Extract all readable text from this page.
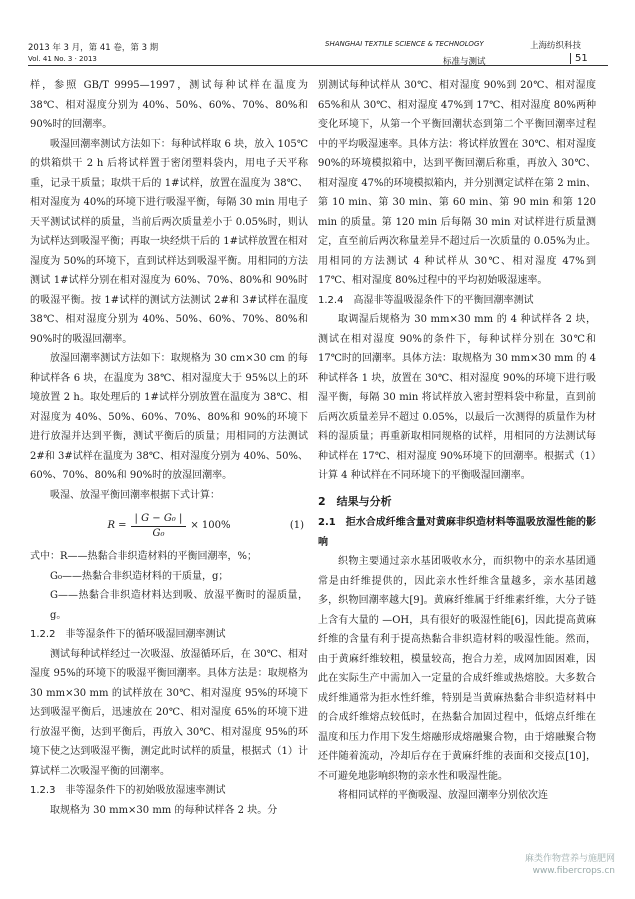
2013 年 3 月，第 41 卷，第 3 期
Vol. 41 No. 3 · 2013
SHANGHAI TEXTILE SCIENCE & TECHNOLOGY	上海纺织科技
标准与测试	51

样，参照 GB/T 9995—1997，测试每种试样在温度为 38℃、相对湿度分别为 40%、50%、60%、70%、80%和 90%时的回潮率。

吸湿回潮率测试方法如下：每种试样取 6 块，放入 105℃的烘箱烘干 2 h 后将试样置于密闭塑料袋内，用电子天平称重，记录干质量；取烘干后的 1#试样，放置在温度为 38℃、相对湿度为 40%的环境下进行吸湿平衡，每隔 30 min 用电子天平测试试样的质量，当前后两次质量差小于 0.05%时，则认为试样达到吸湿平衡；再取一块经烘干后的 1#试样放置在相对湿度为 50%的环境下，直到试样达到吸湿平衡。用相同的方法测试 1#试样分别在相对湿度为 60%、70%、80%和 90%时的吸湿平衡。按 1#试样的测试方法测试 2#和 3#试样在温度 38℃、相对湿度分别为 40%、50%、60%、70%、80%和 90%时的吸湿回潮率。

放湿回潮率测试方法如下：取规格为 30 cm×30 cm 的每种试样各 6 块，在温度为 38℃、相对湿度大于 95%以上的环境放置 2 h。取处理后的 1#试样分别放置在温度为 38℃、相对湿度为 40%、50%、60%、70%、80%和 90%的环境下进行放湿并达到平衡，测试平衡后的质量；用相同的方法测试 2#和 3#试样在温度为 38℃、相对湿度分别为 40%、50%、60%、70%、80%和 90%时的放湿回潮率。

吸湿、放湿平衡回潮率根据下式计算：

$R = \frac{\text{| G − G₀ |}}{\text{G₀}} \times 100\%$	(1)
式中：R——热黏合非织造材料的平衡回潮率，%；
G₀——热黏合非织造材料的干质量，g；
G——热黏合非织造材料达到吸、放湿平衡时的湿质量，g。
1.2.2　非等湿条件下的循环吸湿回潮率测试

测试每种试样经过一次吸湿、放湿循环后，在 30℃、相对湿度 95%的环境下的吸湿平衡回潮率。具体方法是：取规格为 30 mm×30 mm 的试样放在 30℃、相对湿度 95%的环境下达到吸湿平衡后，迅速放在 20℃、相对湿度 65%的环境下进行放湿平衡，达到平衡后，再放入 30℃、相对湿度 95%的环境下使之达到吸湿平衡，测定此时试样的质量，根据式（1）计算试样二次吸湿平衡的回潮率。

1.2.3　非等湿条件下的初始吸放湿速率测试

取规格为 30 mm×30 mm 的每种试样各 2 块。分

别测试每种试样从 30℃、相对湿度 90%到 20℃、相对湿度 65%和从 30℃、相对湿度 47%到 17℃、相对湿度 80%两种变化环境下，从第一个平衡回潮状态到第二个平衡回潮率过程中的平均吸湿速率。具体方法：将试样放置在 30℃、相对湿度 90%的环境模拟箱中，达到平衡回潮后称重，再放入 30℃、相对湿度 47%的环境模拟箱内，并分别测定试样在第 2 min、第 10 min、第 30 min、第 60 min、第 90 min 和第 120 min 的质量。第 120 min 后每隔 30 min 对试样进行质量测定，直至前后两次称量差异不超过后一次质量的 0.05%为止。用相同的方法测试 4 种试样从 30℃、相对湿度 47%到 17℃、相对湿度 80%过程中的平均初始吸湿速率。

1.2.4　高湿非等温吸湿条件下的平衡回潮率测试

取调湿后规格为 30 mm×30 mm 的 4 种试样各 2 块，测试在相对湿度 90%的条件下，每种试样分别在 30℃和 17℃时的回潮率。具体方法：取规格为 30 mm×30 mm 的 4 种试样各 1 块，放置在 30℃、相对湿度 90%的环境下进行吸湿平衡，每隔 30 min 将试样放入密封塑料袋中称量，直到前后两次质量差异不超过 0.05%，以最后一次测得的质量作为材料的湿质量；再重新取相同规格的试样，用相同的方法测试每种试样在 17℃、相对湿度 90%环境下的回潮率。根据式（1）计算 4 种试样在不同环境下的平衡吸湿回潮率。

2　结果与分析
2.1　拒水合成纤维含量对黄麻非织造材料等温吸放湿性能的影响

织物主要通过亲水基团吸收水分，而织物中的亲水基团通常是由纤维提供的，因此亲水性纤维含量越多，亲水基团越多，织物回潮率越大[9]。黄麻纤维属于纤维素纤维，大分子链上含有大量的 —OH，具有很好的吸湿性能[6]，因此提高黄麻纤维的含量有利于提高热黏合非织造材料的吸湿性能。然而，由于黄麻纤维较粗，模量较高，抱合力差，成网加固困难，因此在实际生产中需加入一定量的合成纤维或热熔胶。大多数合成纤维通常为拒水性纤维，特别是当黄麻热黏合非织造材料中的合成纤维熔点较低时，在热黏合加固过程中，低熔点纤维在温度和压力作用下发生熔融形成熔融聚合物，由于熔融聚合物还伴随着流动，冷却后存在于黄麻纤维的表面和交接点[10]，不可避免地影响织物的亲水性和吸湿性能。

将相同试样的平衡吸湿、放湿回潮率分别依次连

麻类作物营养与施肥网
www.fibercrops.cn
